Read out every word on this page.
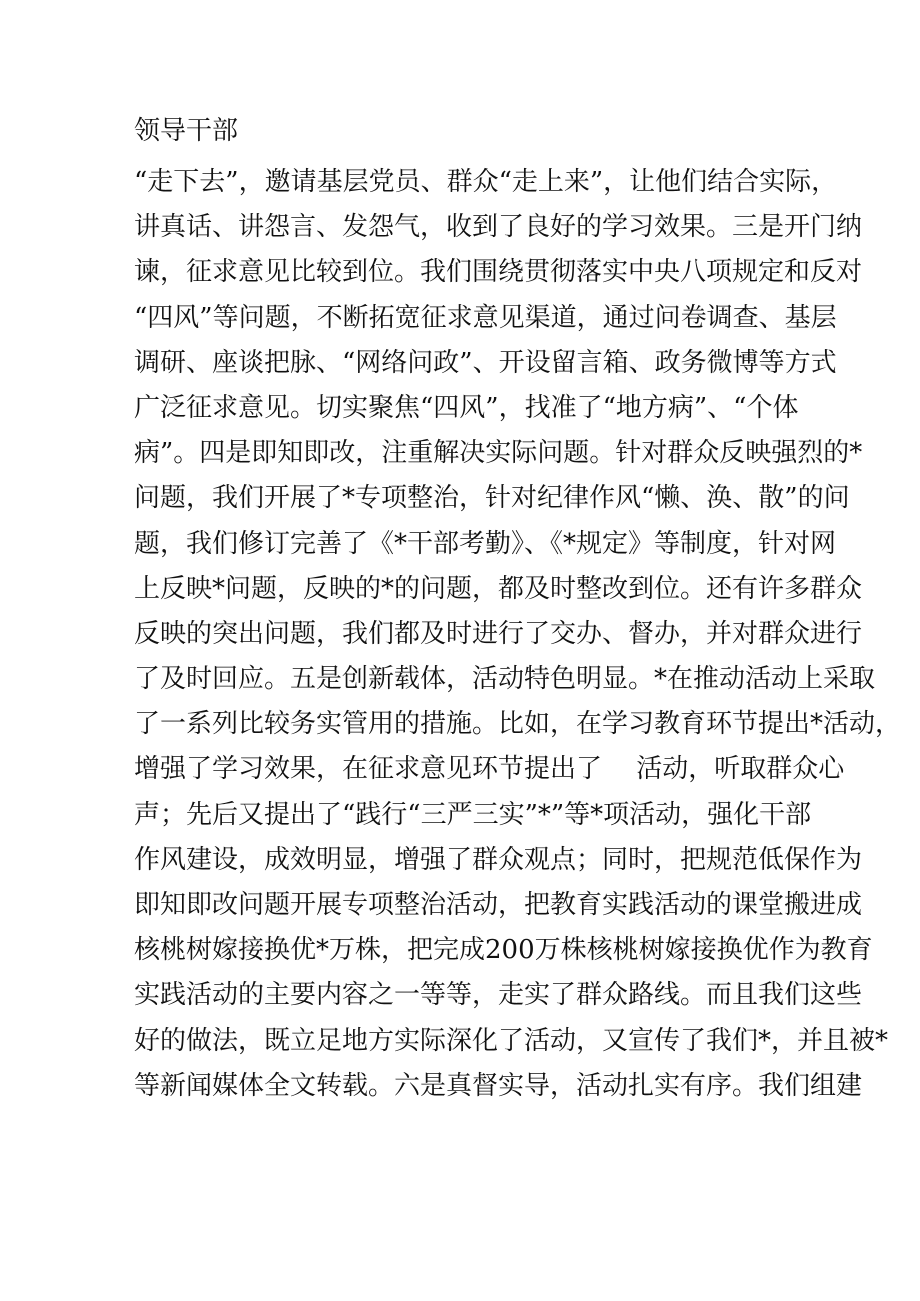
领导干部
“走下去”，邀请基层党员、群众“走上来”，让他们结合实际，
讲真话、讲怨言、发怨气，收到了良好的学习效果。三是开门纳
谏，征求意见比较到位。我们围绕贯彻落实中央八项规定和反对
“四风”等问题，不断拓宽征求意见渠道，通过问卷调查、基层
调研、座谈把脉、“网络问政”、开设留言箱、政务微博等方式
广泛征求意见。切实聚焦“四风”，找准了“地方病”、“个体
病”。四是即知即改，注重解决实际问题。针对群众反映强烈的*
问题，我们开展了*专项整治，针对纪律作风“懒、涣、散”的问
题，我们修订完善了《*干部考勤》、《*规定》等制度，针对网
上反映*问题，反映的*的问题，都及时整改到位。还有许多群众
反映的突出问题，我们都及时进行了交办、督办，并对群众进行
了及时回应。五是创新载体，活动特色明显。*在推动活动上采取
了一系列比较务实管用的措施。比如，在学习教育环节提出*活动，
增强了学习效果，在征求意见环节提出了　 活动，听取群众心
声；先后又提出了“践行“三严三实”*”等*项活动，强化干部
作风建设，成效明显，增强了群众观点；同时，把规范低保作为
即知即改问题开展专项整治活动，把教育实践活动的课堂搬进成
核桃树嫁接换优*万株，把完成200万株核桃树嫁接换优作为教育
实践活动的主要内容之一等等，走实了群众路线。而且我们这些
好的做法，既立足地方实际深化了活动，又宣传了我们*，并且被*
等新闻媒体全文转载。六是真督实导，活动扎实有序。我们组建
